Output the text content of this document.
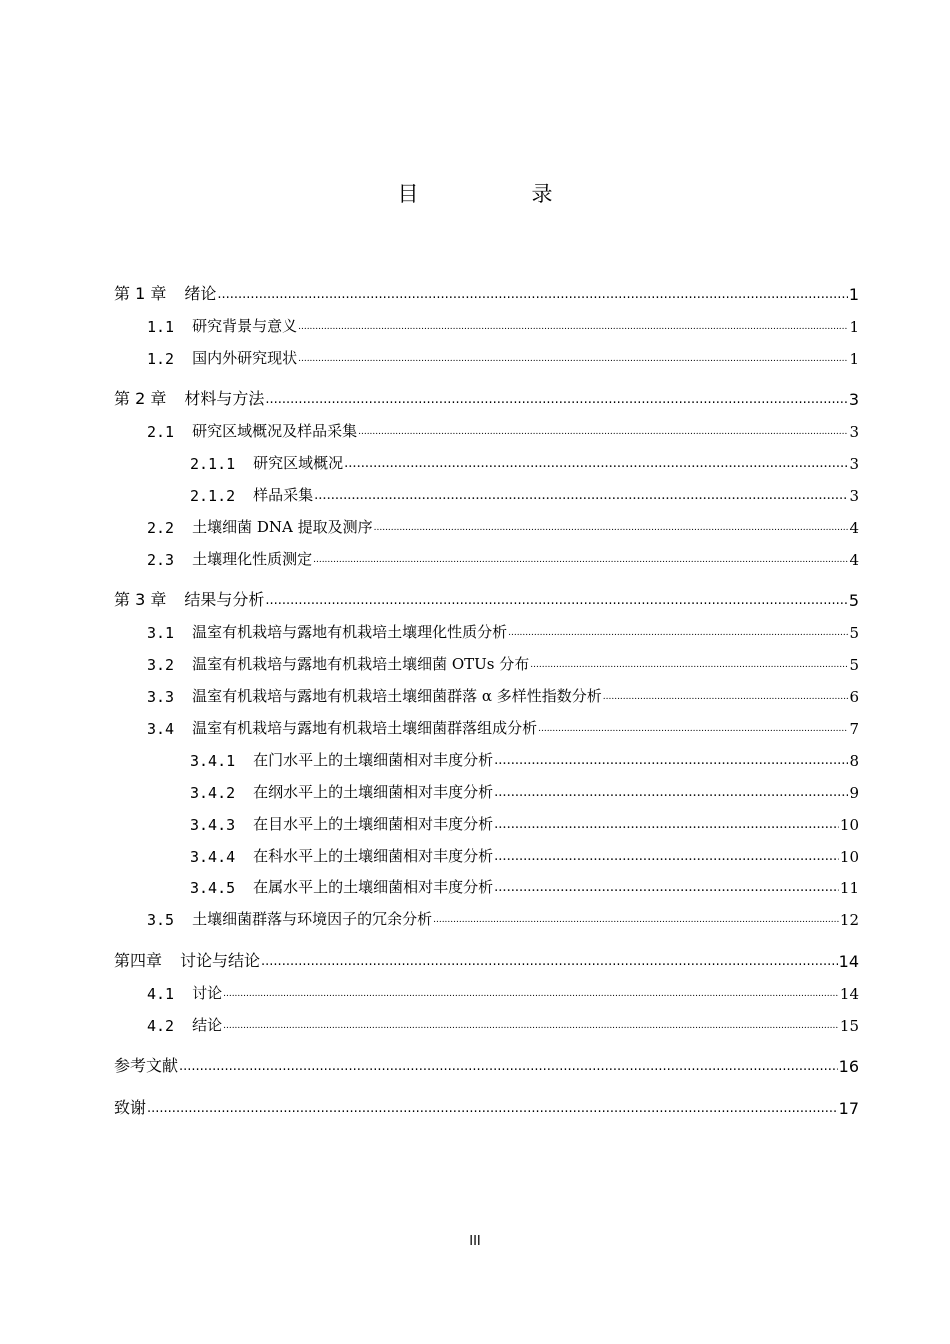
目　录
第 1 章 绪论 .....	1
1.1 研究背景与意义 .....	1
1.2 国内外研究现状 .....	1
第 2 章 材料与方法 .....	3
2.1 研究区域概况及样品采集 .....	3
2.1.1 研究区域概况 .....	3
2.1.2 样品采集 .....	3
2.2 土壤细菌 DNA 提取及测序 .....	4
2.3 土壤理化性质测定 .....	4
第 3 章 结果与分析 .....	5
3.1 温室有机栽培与露地有机栽培土壤理化性质分析 .....	5
3.2 温室有机栽培与露地有机栽培土壤细菌 OTUs 分布 .....	5
3.3 温室有机栽培与露地有机栽培土壤细菌群落 α 多样性指数分析 .....	6
3.4 温室有机栽培与露地有机栽培土壤细菌群落组成分析 .....	7
3.4.1 在门水平上的土壤细菌相对丰度分析 .....	8
3.4.2 在纲水平上的土壤细菌相对丰度分析 .....	9
3.4.3 在目水平上的土壤细菌相对丰度分析 .....	10
3.4.4 在科水平上的土壤细菌相对丰度分析 .....	10
3.4.5 在属水平上的土壤细菌相对丰度分析 .....	11
3.5 土壤细菌群落与环境因子的冗余分析 .....	12
第四章 讨论与结论 .....	14
4.1 讨论 .....	14
4.2 结论 .....	15
参考文献 .....	16
致谢 .....	17
III
